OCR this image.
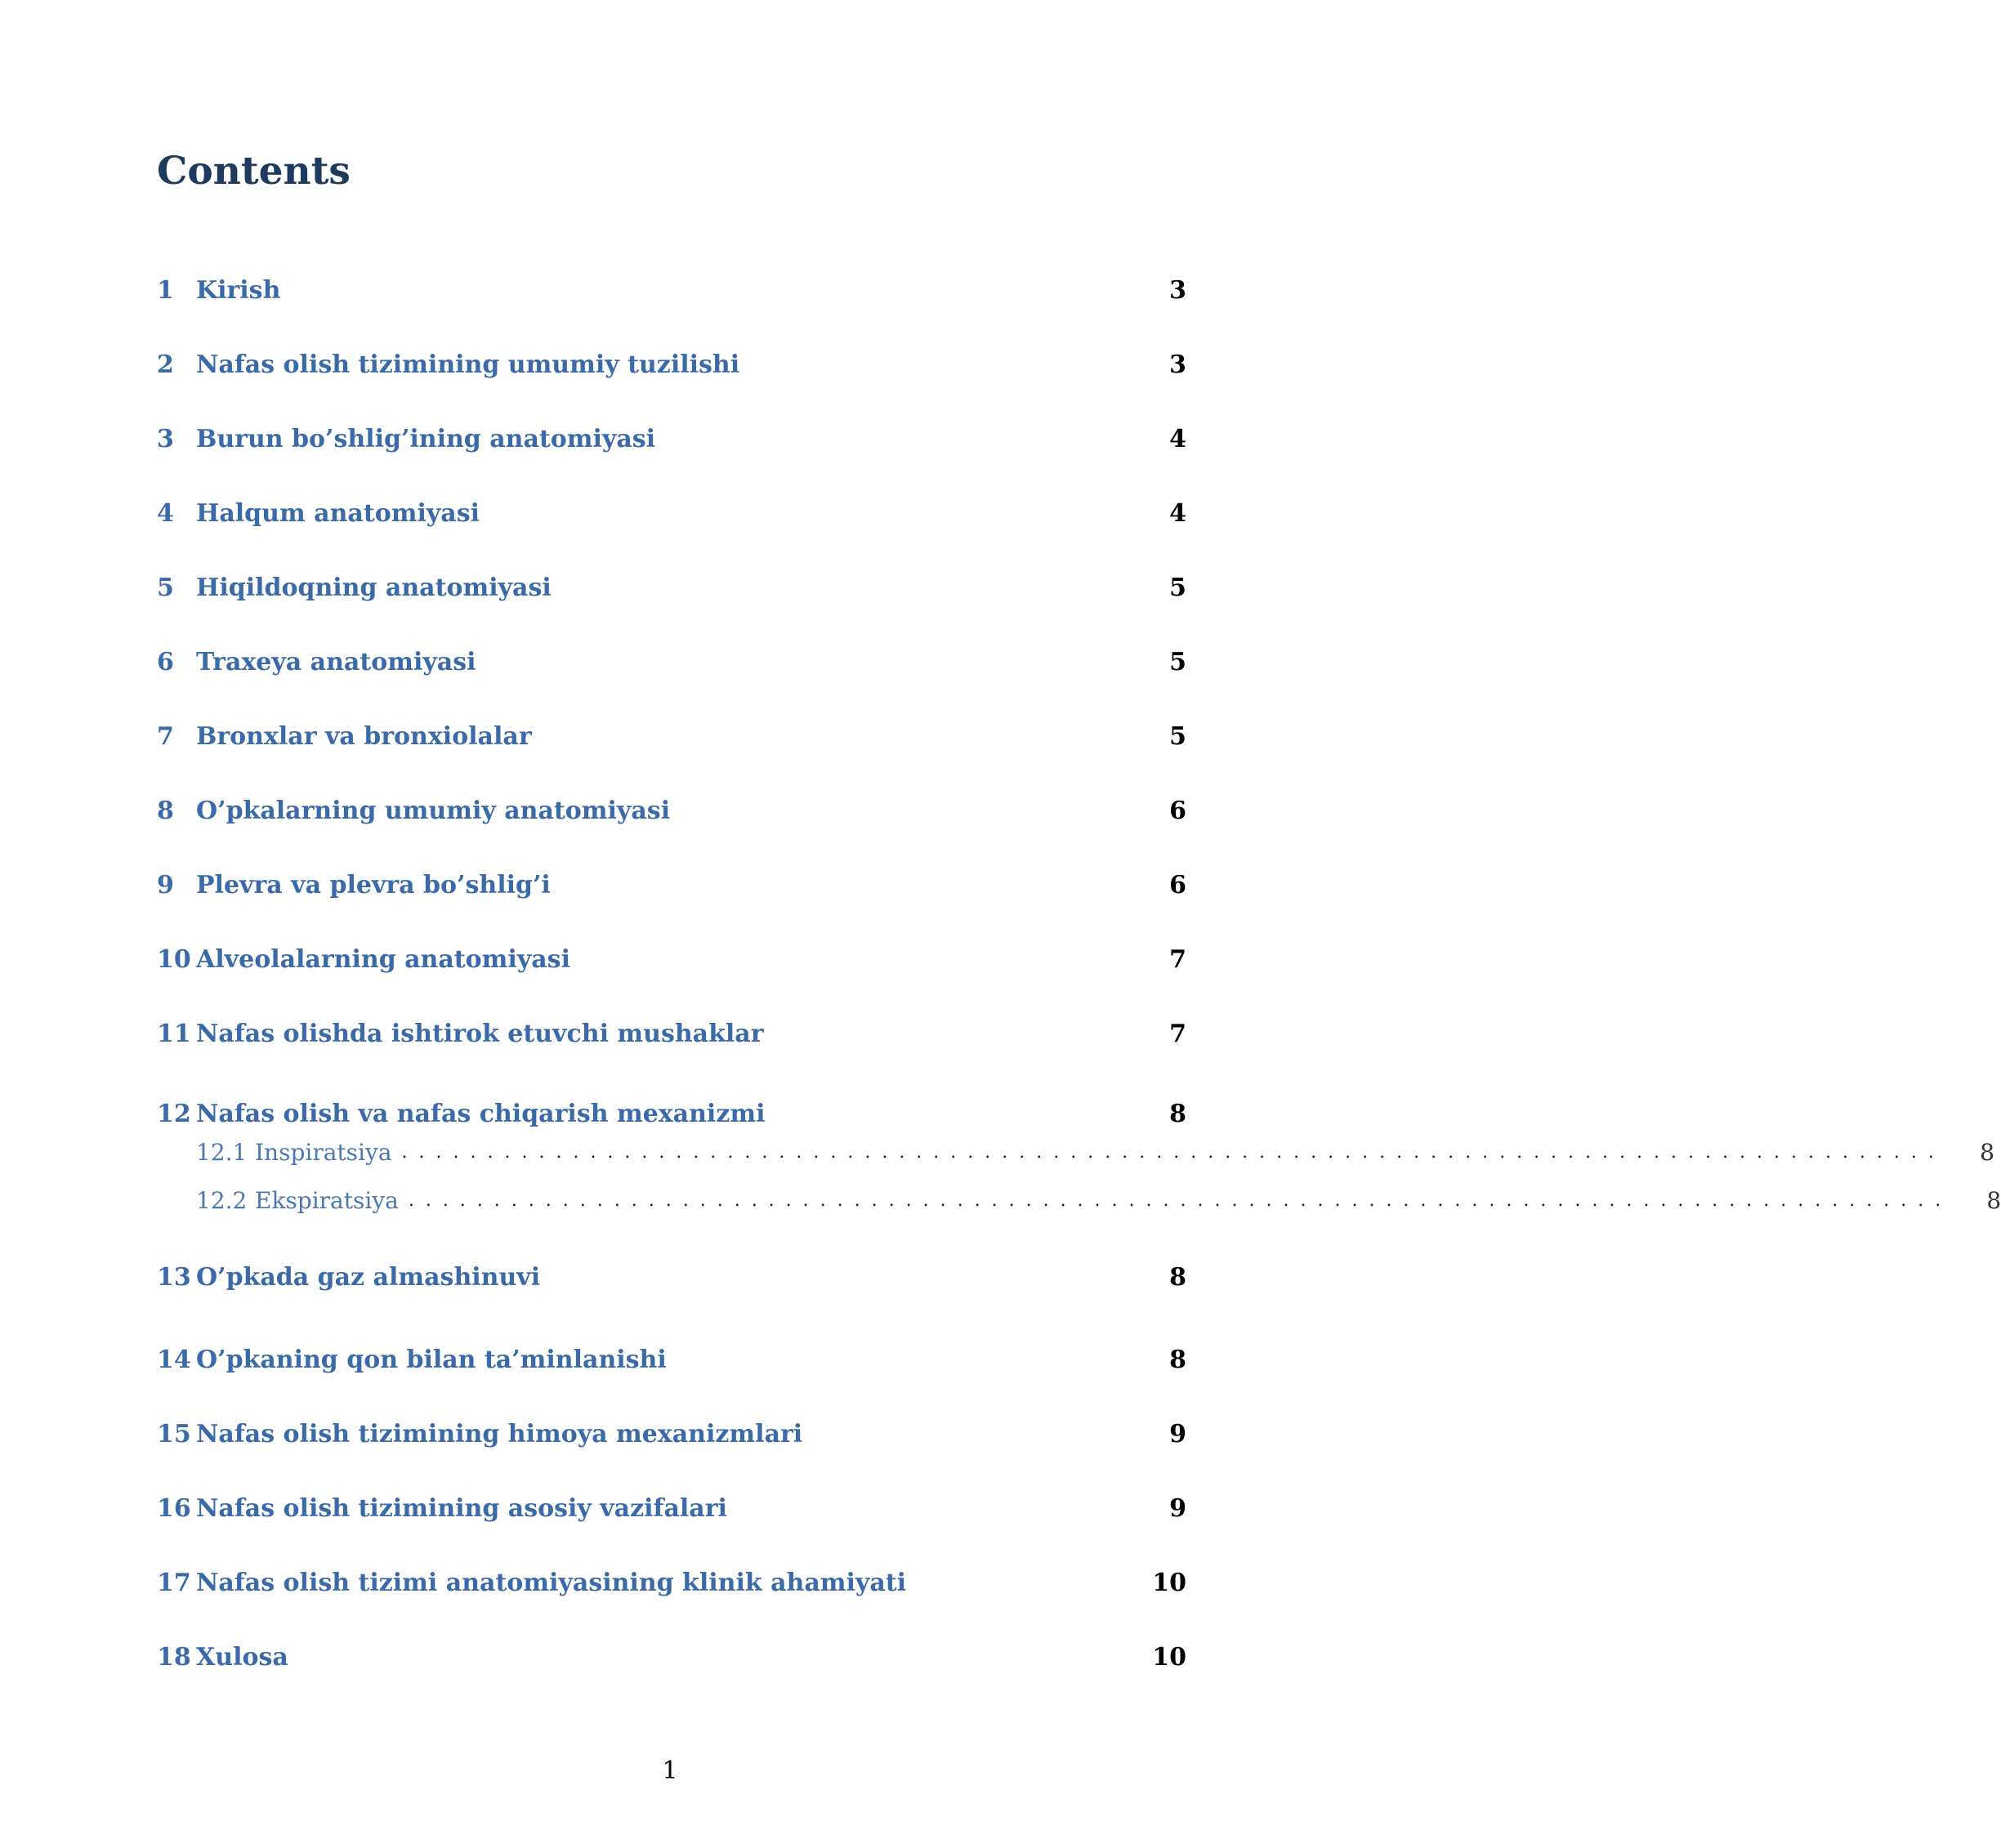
Contents
1 Kirish	3
2 Nafas olish tizimining umumiy tuzilishi	3
3 Burun bo’shlig’ining anatomiyasi	4
4 Halqum anatomiyasi	4
5 Hiqildoqning anatomiyasi	5
6 Traxeya anatomiyasi	5
7 Bronxlar va bronxiolalar	5
8 O’pkalarning umumiy anatomiyasi	6
9 Plevra va plevra bo’shlig’i	6
10 Alveolalarning anatomiyasi	7
11 Nafas olishda ishtirok etuvchi mushaklar	7
12 Nafas olish va nafas chiqarish mexanizmi	8
12.1 Inspiratsiya ..........................................................................................	8
12.2 Ekspiratsiya ..........................................................................................	8
13 O’pkada gaz almashinuvi	8
14 O’pkaning qon bilan ta’minlanishi	8
15 Nafas olish tizimining himoya mexanizmlari	9
16 Nafas olish tizimining asosiy vazifalari	9
17 Nafas olish tizimi anatomiyasining klinik ahamiyati	10
18 Xulosa	10
1
